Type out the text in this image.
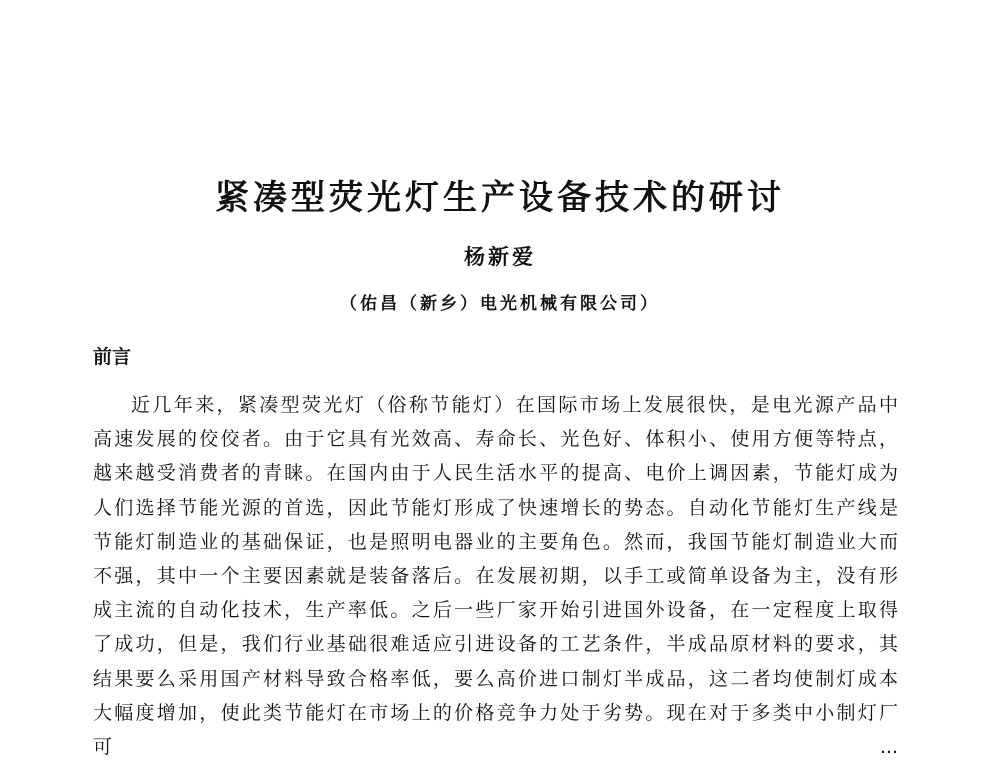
紧凑型荧光灯生产设备技术的研讨
杨新爱
（佑昌（新乡）电光机械有限公司）
前言
近几年来，紧凑型荧光灯（俗称节能灯）在国际市场上发展很快，是电光源产品中
高速发展的佼佼者。由于它具有光效高、寿命长、光色好、体积小、使用方便等特点，
越来越受消费者的青睐。在国内由于人民生活水平的提高、电价上调因素，节能灯成为
人们选择节能光源的首选，因此节能灯形成了快速增长的势态。自动化节能灯生产线是
节能灯制造业的基础保证，也是照明电器业的主要角色。然而，我国节能灯制造业大而
不强，其中一个主要因素就是装备落后。在发展初期，以手工或简单设备为主，没有形
成主流的自动化技术，生产率低。之后一些厂家开始引进国外设备，在一定程度上取得
了成功，但是，我们行业基础很难适应引进设备的工艺条件，半成品原材料的要求，其
结果要么采用国产材料导致合格率低，要么高价进口制灯半成品，这二者均使制灯成本
大幅度增加，使此类节能灯在市场上的价格竞争力处于劣势。现在对于多类中小制灯厂
可...
